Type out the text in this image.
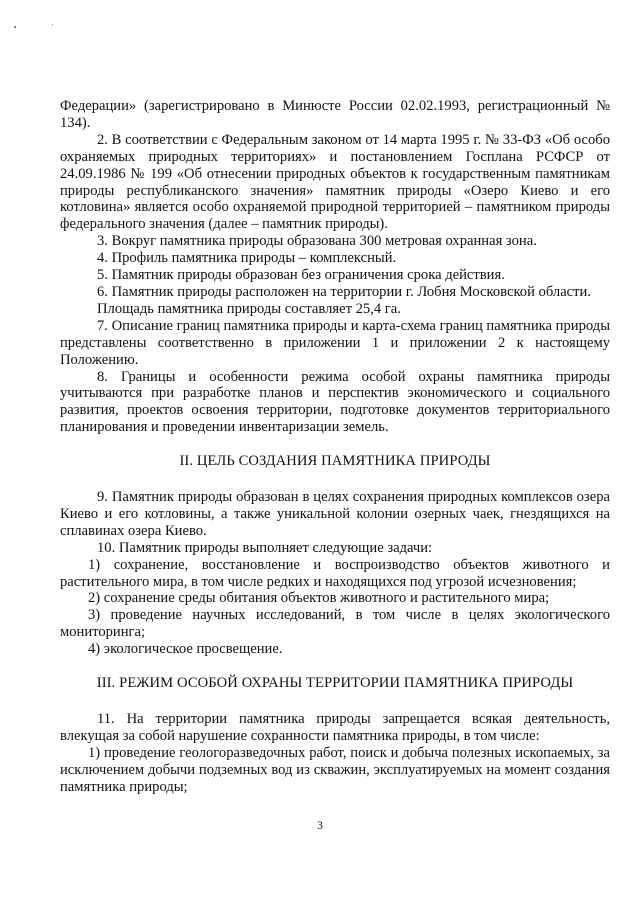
Федерации» (зарегистрировано в Минюсте России 02.02.1993, регистрационный № 134).

2. В соответствии с Федеральным законом от 14 марта 1995 г. № 33-ФЗ «Об особо охраняемых природных территориях» и постановлением Госплана РСФСР от 24.09.1986 № 199 «Об отнесении природных объектов к государственным памятникам природы республиканского значения» памятник природы «Озеро Киево и его котловина» является особо охраняемой природной территорией – памятником природы федерального значения (далее – памятник природы).

3. Вокруг памятника природы образована 300 метровая охранная зона.

4. Профиль памятника природы – комплексный.

5. Памятник природы образован без ограничения срока действия.

6. Памятник природы расположен на территории г. Лобня Московской области.

Площадь памятника природы составляет 25,4 га.

7. Описание границ памятника природы и карта-схема границ памятника природы представлены соответственно в приложении 1 и приложении 2 к настоящему Положению.

8. Границы и особенности режима особой охраны памятника природы учитываются при разработке планов и перспектив экономического и социального развития, проектов освоения территории, подготовке документов территориального планирования и проведении инвентаризации земель.

II. ЦЕЛЬ СОЗДАНИЯ ПАМЯТНИКА ПРИРОДЫ

9. Памятник природы образован в целях сохранения природных комплексов озера Киево и его котловины, а также уникальной колонии озерных чаек, гнездящихся на сплавинах озера Киево.

10. Памятник природы выполняет следующие задачи:

1) сохранение, восстановление и воспроизводство объектов животного и растительного мира, в том числе редких и находящихся под угрозой исчезновения;

2) сохранение среды обитания объектов животного и растительного мира;

3) проведение научных исследований, в том числе в целях экологического мониторинга;

4) экологическое просвещение.

III. РЕЖИМ ОСОБОЙ ОХРАНЫ ТЕРРИТОРИИ ПАМЯТНИКА ПРИРОДЫ

11. На территории памятника природы запрещается всякая деятельность, влекущая за собой нарушение сохранности памятника природы, в том числе:

1) проведение геологоразведочных работ, поиск и добыча полезных ископаемых, за исключением добычи подземных вод из скважин, эксплуатируемых на момент создания памятника природы;

3
